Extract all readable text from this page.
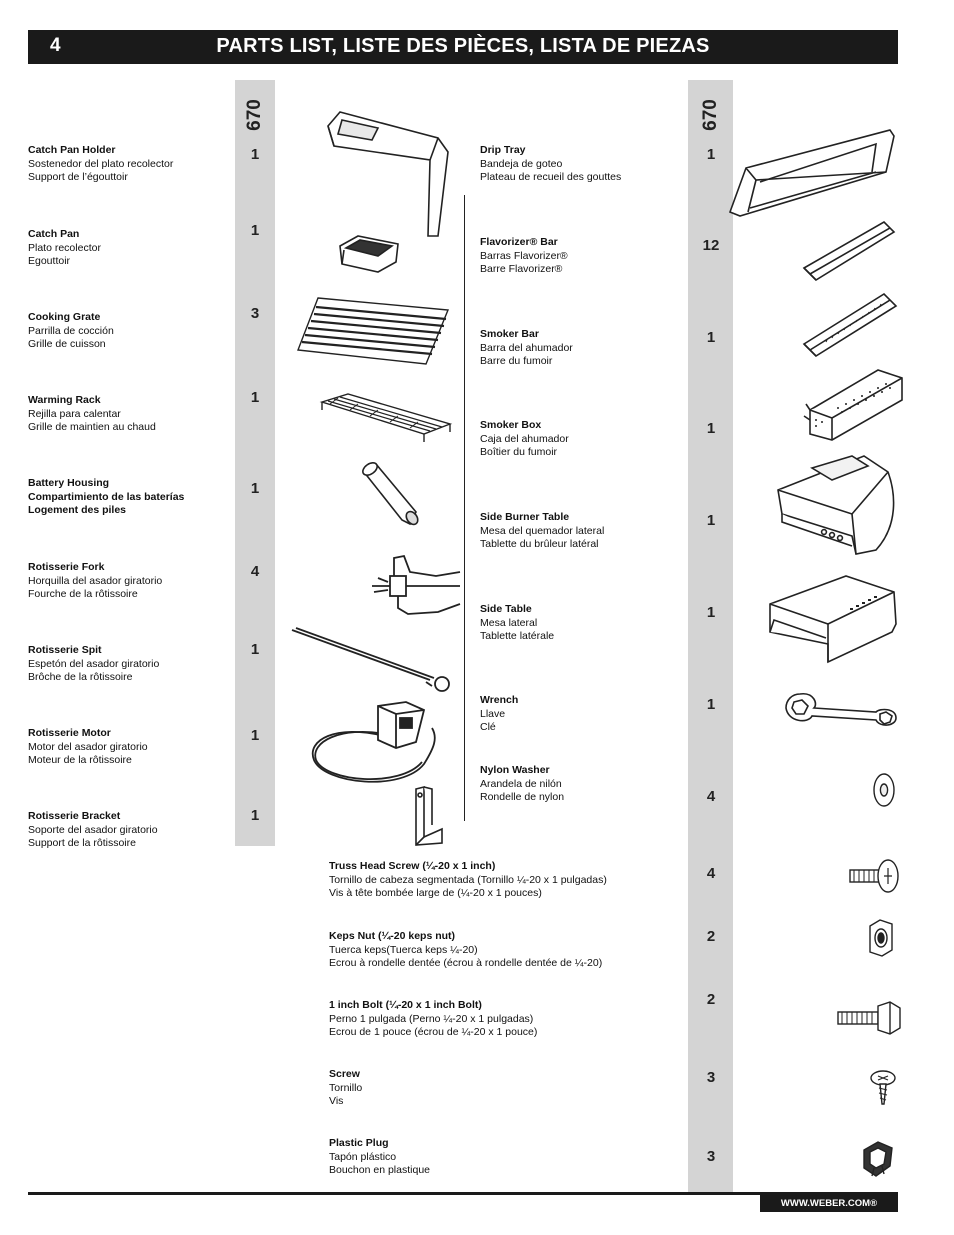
4	PARTS LIST, LISTE DES PIÈCES, LISTA DE PIEZAS
670
1
1
3
1
1
4
1
1
1
670
1
12
1
1
1
1
1
4
4
2
2
3
3
Catch Pan Holder
Sostenedor del plato recolector
Support de l’égouttoir
Catch Pan
Plato recolector
Egouttoir
Cooking Grate
Parrilla de cocción
Grille de cuisson
Warming Rack
Rejilla para calentar
Grille de maintien au chaud
Battery Housing
Compartimiento de las baterías
Logement des piles
Rotisserie Fork
Horquilla del asador giratorio
Fourche de la rôtissoire
Rotisserie Spit
Espetón del asador giratorio
Brôche de la rôtissoire
Rotisserie Motor
Motor del asador giratorio
Moteur de la rôtissoire
Rotisserie Bracket
Soporte del asador giratorio
Support de la rôtissoire
Drip Tray
Bandeja de goteo
Plateau de recueil des gouttes
Flavorizer® Bar
Barras Flavorizer®
Barre Flavorizer®
Smoker Bar
Barra del ahumador
Barre du fumoir
Smoker Box
Caja del ahumador
Boîtier du fumoir
Side Burner Table
Mesa del quemador lateral
Tablette du brûleur latéral
Side Table
Mesa lateral
Tablette latérale
Wrench
Llave
Clé
Nylon Washer
Arandela de nilón
Rondelle de nylon
Truss Head Screw (¼-20 x 1 inch)
Tornillo de cabeza segmentada (Tornillo ¼-20 x 1 pulgadas)
Vis à tête bombée large de (¼-20 x 1 pouces)
Keps Nut (¼-20 keps nut)
Tuerca keps(Tuerca keps ¼-20)
Ecrou à rondelle dentée (écrou à rondelle dentée de ¼-20)
1 inch Bolt (¼-20 x 1 inch Bolt)
Perno 1 pulgada (Perno ¼-20 x 1 pulgadas)
Ecrou de 1 pouce (écrou de ¼-20 x 1 pouce)
Screw
Tornillo
Vis
Plastic Plug
Tapón plástico
Bouchon en plastique
WWW.WEBER.COM®
